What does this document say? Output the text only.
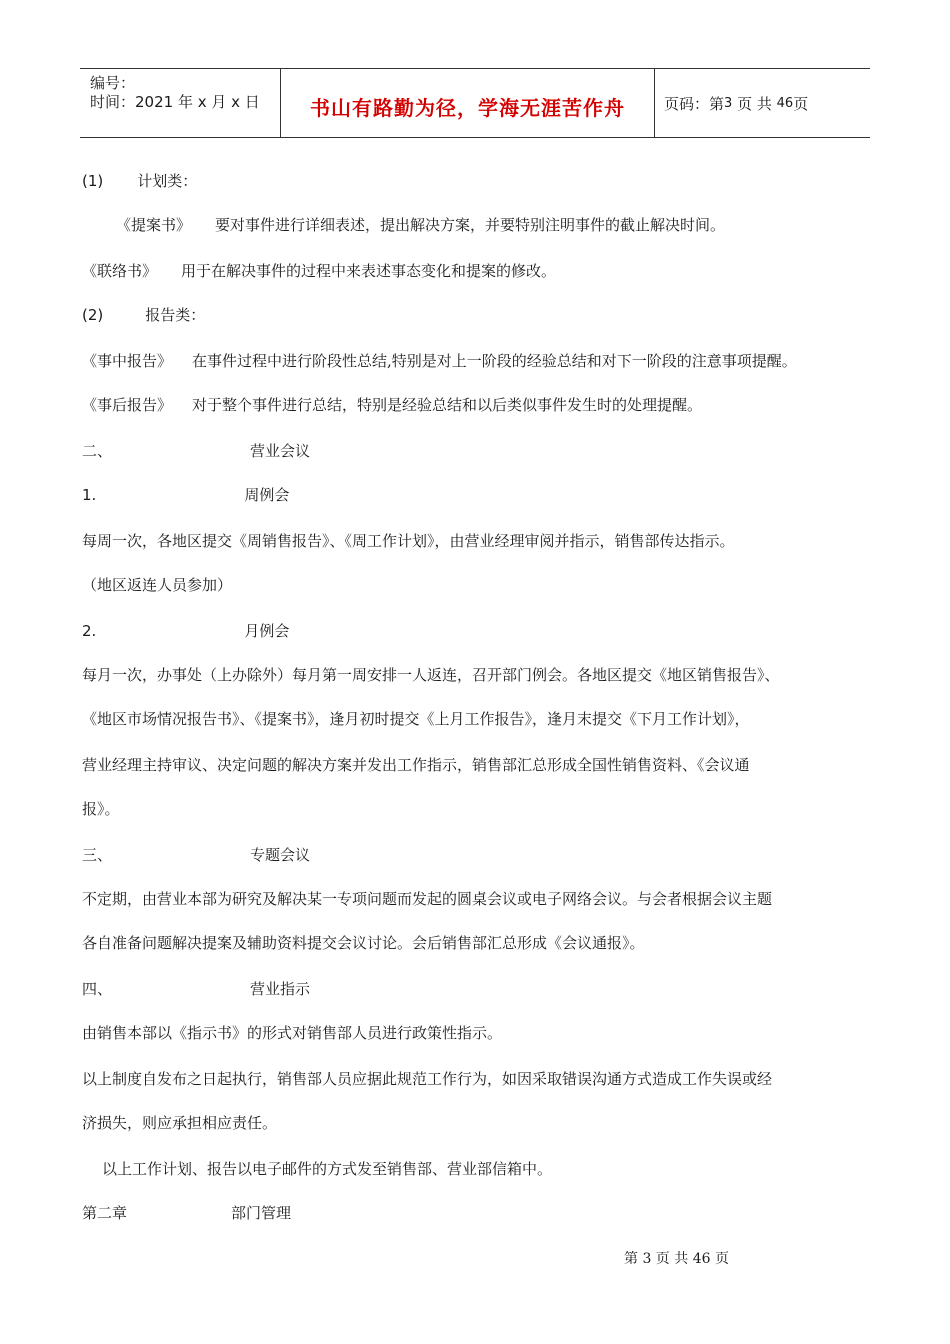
编号：
时间：2021 年 x 月 x 日	书山有路勤为径，学海无涯苦作舟	页码：第 3
页 共
46 页
(1) 计划类：
《提案书》 要对事件进行详细表述，提出解决方案，并要特别注明事件的截止解决时间。
《联络书》 用于在解决事件的过程中来表述事态变化和提案的修改。
(2)	报告类：
《事中报告》 在事件过程中进行阶段性总结,特别是对上一阶段的经验总结和对下一阶段的注意事项提醒。
《事后报告》 对于整个事件进行总结，特别是经验总结和以后类似事件发生时的处理提醒。
二、	营业会议
1.	周例会
每周一次，各地区提交《周销售报告》、《周工作计划》，由营业经理审阅并指示，销售部传达指示。
（地区返连人员参加）
2.	月例会
每月一次，办事处（上办除外）每月第一周安排一人返连，召开部门例会。各地区提交《地区销售报告》、
《地区市场情况报告书》、《提案书》，逢月初时提交《上月工作报告》，逢月末提交《下月工作计划》，
营业经理主持审议、决定问题的解决方案并发出工作指示，销售部汇总形成全国性销售资料、《会议通
报》。
三、	专题会议
不定期，由营业本部为研究及解决某一专项问题而发起的圆桌会议或电子网络会议。与会者根据会议主题
各自准备问题解决提案及辅助资料提交会议讨论。会后销售部汇总形成《会议通报》。
四、	营业指示
由销售本部以《指示书》的形式对销售部人员进行政策性指示。
以上制度自发布之日起执行，销售部人员应据此规范工作行为，如因采取错误沟通方式造成工作失误或经
济损失，则应承担相应责任。
以上工作计划、报告以电子邮件的方式发至销售部、营业部信箱中。
第二章	部门管理
第 3 页 共 46 页
